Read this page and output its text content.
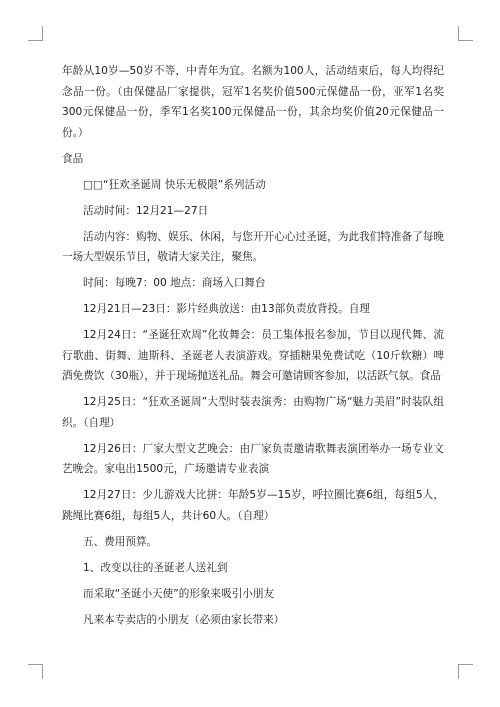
年龄从10岁—50岁不等，中青年为宜。名额为100人，活动结束后，每人均得纪念品一份。（由保健品厂家提供，冠军1名奖价值500元保健品一份，亚军1名奖300元保健品一份，季军1名奖100元保健品一份，其余均奖价值20元保健品一份。）

食品

□□“狂欢圣诞周 快乐无极限”系列活动

活动时间：12月21—27日

活动内容：购物、娱乐、休闲，与您开开心心过圣诞，为此我们特准备了每晚一场大型娱乐节目，敬请大家关注，聚焦。

时间：每晚7：00 地点：商场入口舞台

12月21日—23日：影片经典放送：由13部负责放背投。自理

12月24日：“圣诞狂欢周”化妆舞会：员工集体报名参加，节目以现代舞、流行歌曲、街舞、迪斯科、圣诞老人表演游戏。穿插糖果免费试吃（10斤软糖）啤酒免费饮（30瓶），并于现场抛送礼品。舞会可邀请顾客参加，以活跃气氛。食品

12月25日：“狂欢圣诞周”大型时装表演秀：由购物广场“魅力美眉”时装队组织。（自理）

12月26日：厂家大型文艺晚会：由厂家负责邀请歌舞表演团举办一场专业文艺晚会。家电出1500元，广场邀请专业表演

12月27日：少儿游戏大比拼：年龄5岁—15岁，呼拉圈比赛6组，每组5人，跳绳比赛6组，每组5人，共计60人。（自理）

五、费用预算。

1、改变以往的圣诞老人送礼到

而采取“圣诞小天使”的形象来吸引小朋友

凡来本专卖店的小朋友（必须由家长带来）
